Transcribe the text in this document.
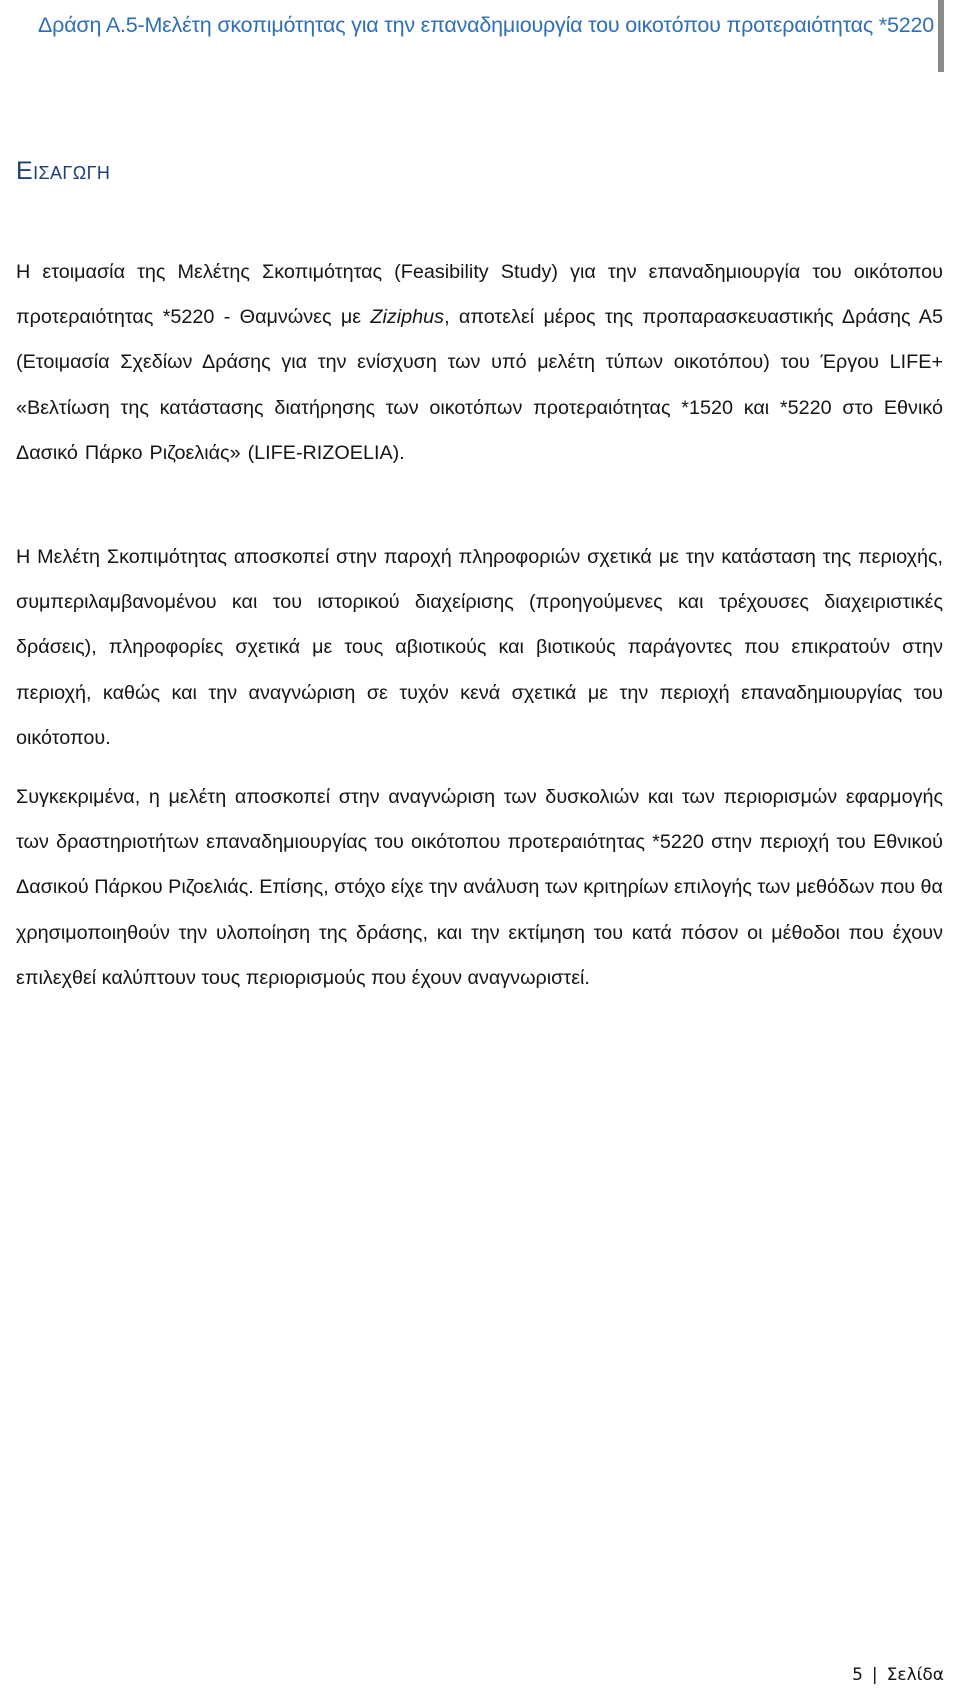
Δράση Α.5-Μελέτη σκοπιμότητας για την επαναδημιουργία του οικοτόπου προτεραιότητας *5220
Εισαγωγη

Η ετοιμασία της Μελέτης Σκοπιμότητας (Feasibility Study) για την επαναδημιουργία του οικότοπου προτεραιότητας *5220 - Θαμνώνες με Ziziphus, αποτελεί μέρος της προπαρασκευαστικής Δράσης Α5 (Ετοιμασία Σχεδίων Δράσης για την ενίσχυση των υπό μελέτη τύπων οικοτόπου) του Έργου LIFE+ «Βελτίωση της κατάστασης διατήρησης των οικοτόπων προτεραιότητας *1520 και *5220 στο Εθνικό Δασικό Πάρκο Ριζοελιάς» (LIFE-RIZOELIA).

Η Μελέτη Σκοπιμότητας αποσκοπεί στην παροχή πληροφοριών σχετικά με την κατάσταση της περιοχής, συμπεριλαμβανομένου και του ιστορικού διαχείρισης (προηγούμενες και τρέχουσες διαχειριστικές δράσεις), πληροφορίες σχετικά με τους αβιοτικούς και βιοτικούς παράγοντες που επικρατούν στην περιοχή, καθώς και την αναγνώριση σε τυχόν κενά σχετικά με την περιοχή επαναδημιουργίας του οικότοπου.

Συγκεκριμένα, η μελέτη αποσκοπεί στην αναγνώριση των δυσκολιών και των περιορισμών εφαρμογής των δραστηριοτήτων επαναδημιουργίας του οικότοπου προτεραιότητας *5220 στην περιοχή του Εθνικού Δασικού Πάρκου Ριζοελιάς. Επίσης, στόχο είχε την ανάλυση των κριτηρίων επιλογής των μεθόδων που θα χρησιμοποιηθούν την υλοποίηση της δράσης, και την εκτίμηση του κατά πόσον οι μέθοδοι που έχουν επιλεχθεί καλύπτουν τους περιορισμούς που έχουν αναγνωριστεί.

5 | Σελίδα
